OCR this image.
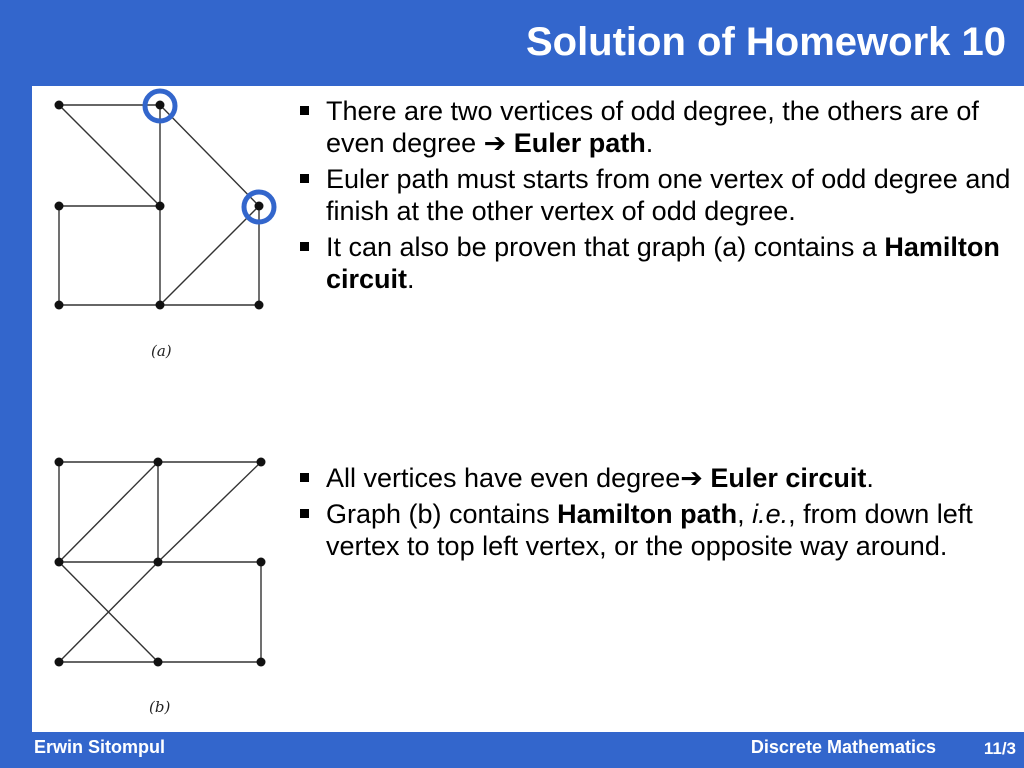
Solution of Homework 10
(a)
(b)
There are two vertices of odd degree, the others are of even degree ➔ Euler path.
Euler path must starts from one vertex of odd degree and finish at the other vertex of odd degree.
It can also be proven that graph (a) contains a Hamilton circuit.
All vertices have even degree➔ Euler circuit.
Graph (b) contains Hamilton path, i.e., from down left vertex to top left vertex, or the opposite way around.
Erwin Sitompul	Discrete Mathematics	11/3
